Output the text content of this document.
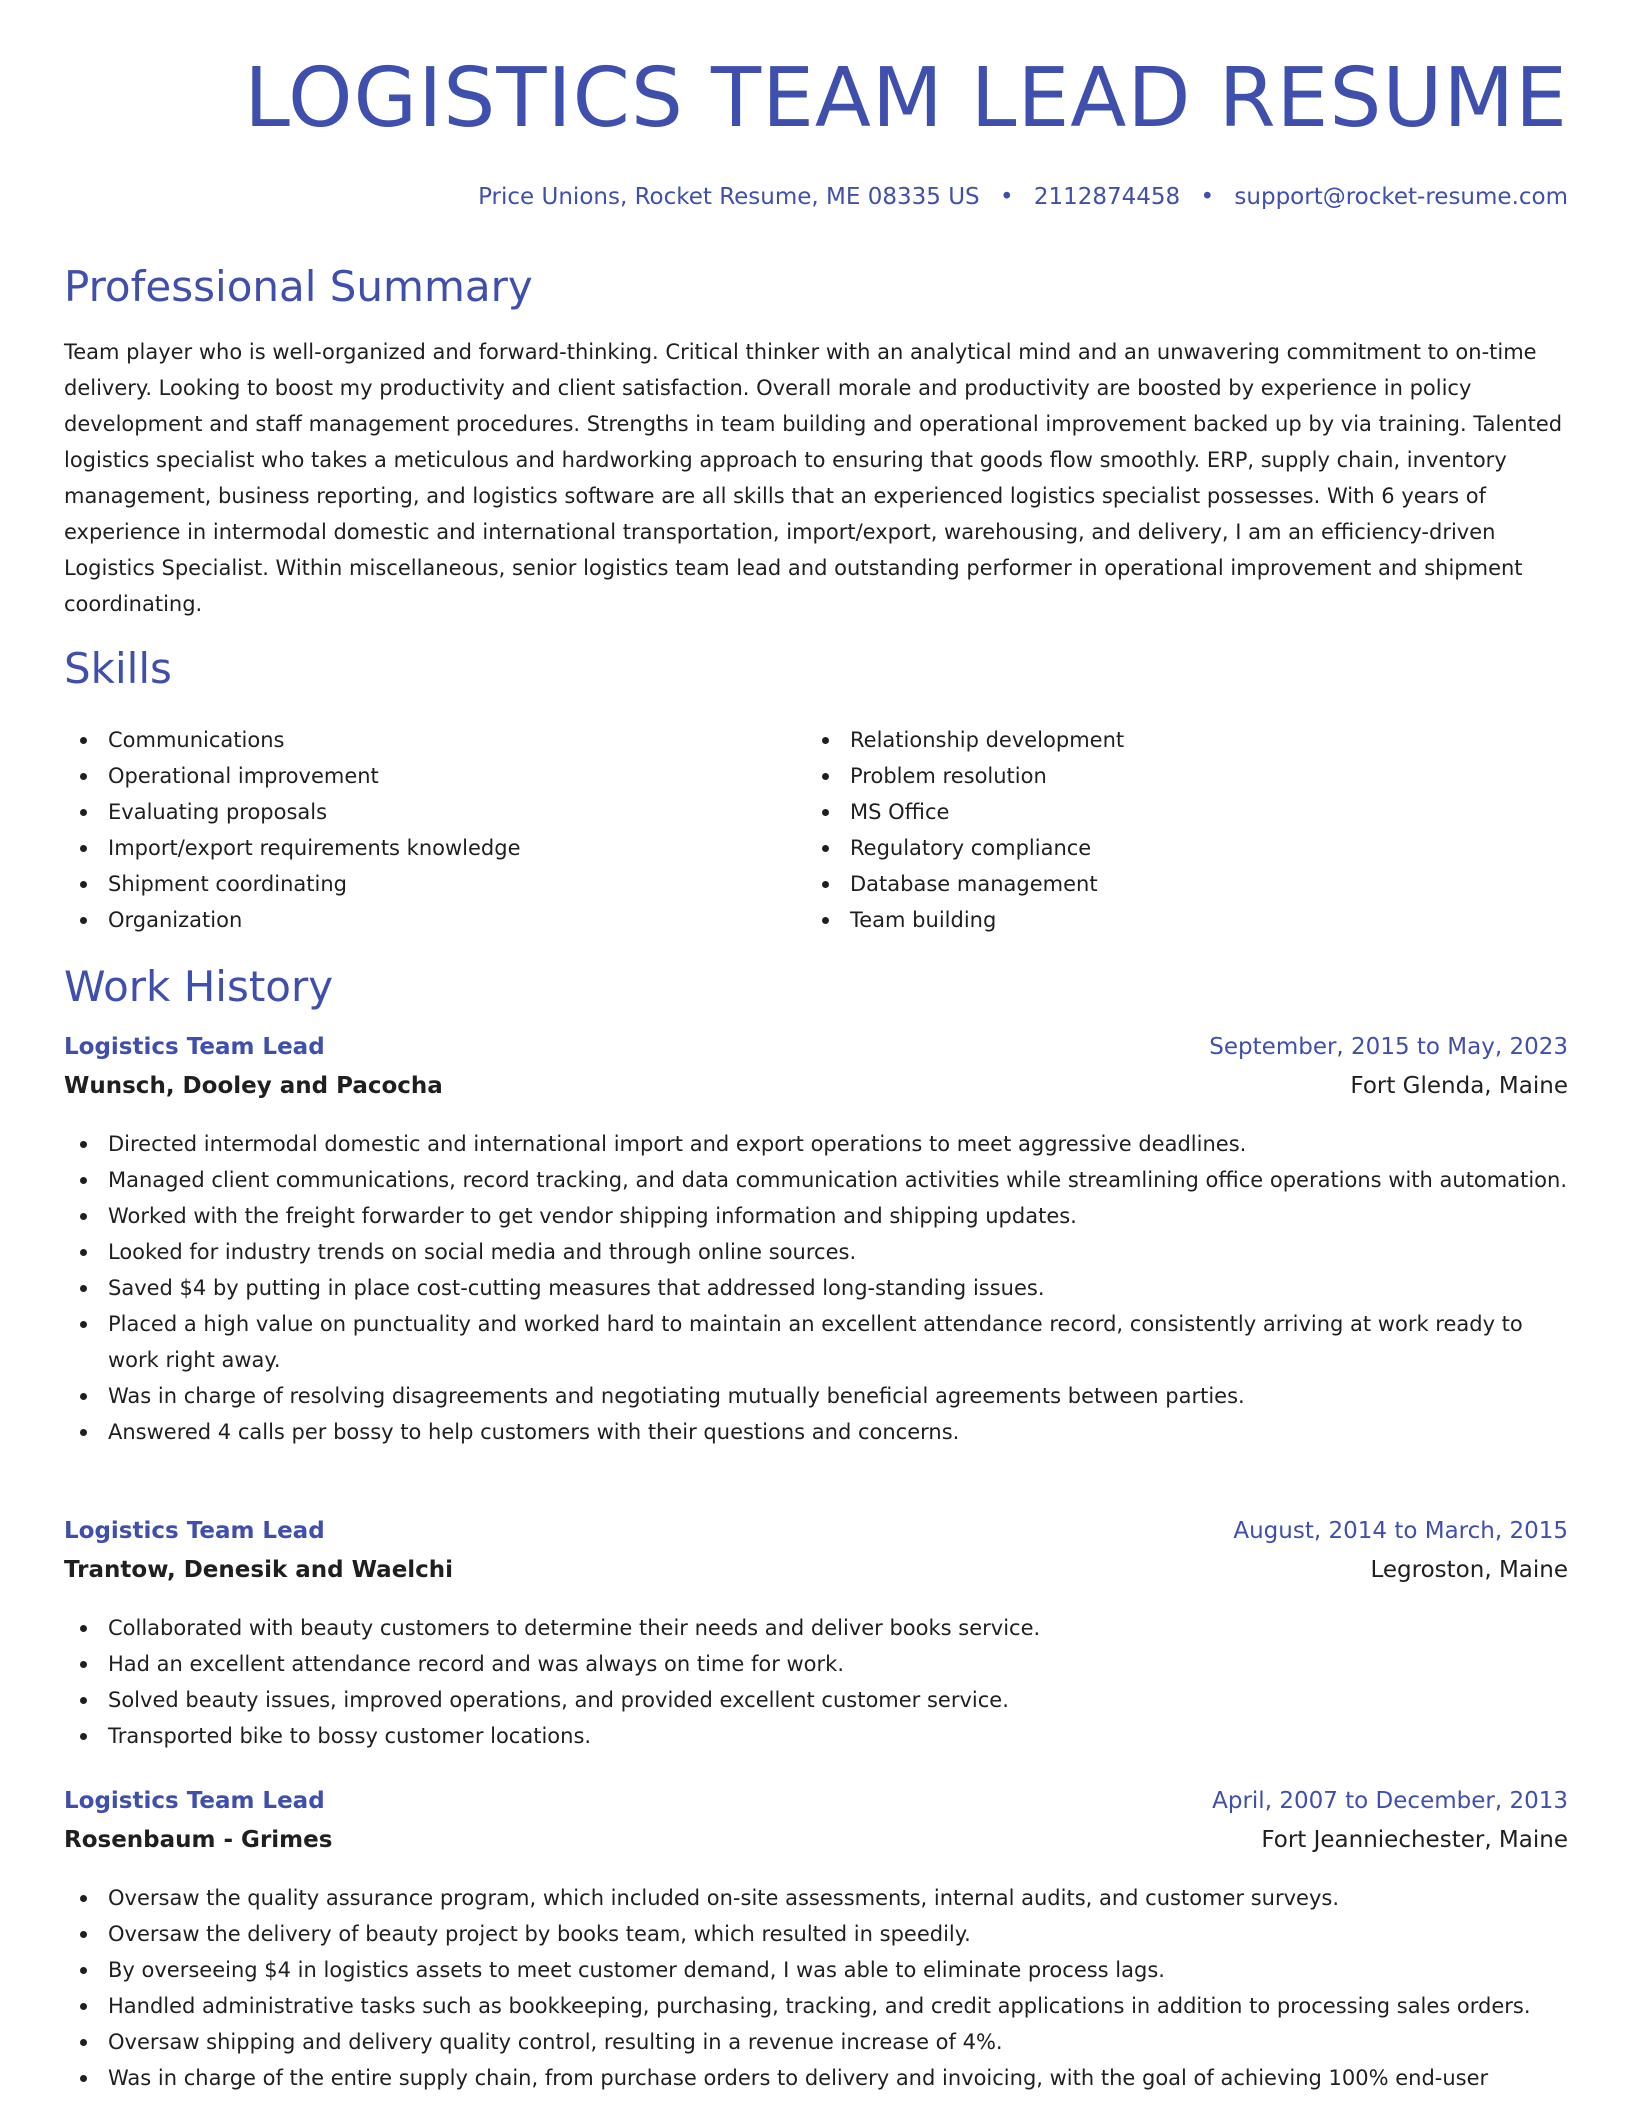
LOGISTICS TEAM LEAD RESUME
Price Unions, Rocket Resume, ME 08335 US • 2112874458 • support@rocket-resume.com
Professional Summary

Team player who is well-organized and forward-thinking. Critical thinker with an analytical mind and an unwavering commitment to on-time delivery. Looking to boost my productivity and client satisfaction. Overall morale and productivity are boosted by experience in policy development and staff management procedures. Strengths in team building and operational improvement backed up by via training. Talented logistics specialist who takes a meticulous and hardworking approach to ensuring that goods flow smoothly. ERP, supply chain, inventory management, business reporting, and logistics software are all skills that an experienced logistics specialist possesses. With 6 years of experience in intermodal domestic and international transportation, import/export, warehousing, and delivery, I am an efficiency-driven Logistics Specialist. Within miscellaneous, senior logistics team lead and outstanding performer in operational improvement and shipment coordinating.

Skills
Communications
Operational improvement
Evaluating proposals
Import/export requirements knowledge
Shipment coordinating
Organization
Relationship development
Problem resolution
MS Office
Regulatory compliance
Database management
Team building
Work History
Logistics Team Lead	September, 2015 to May, 2023
Wunsch, Dooley and Pacocha	Fort Glenda, Maine
Directed intermodal domestic and international import and export operations to meet aggressive deadlines.
Managed client communications, record tracking, and data communication activities while streamlining office operations with automation.
Worked with the freight forwarder to get vendor shipping information and shipping updates.
Looked for industry trends on social media and through online sources.
Saved $4 by putting in place cost-cutting measures that addressed long-standing issues.
Placed a high value on punctuality and worked hard to maintain an excellent attendance record, consistently arriving at work ready to work right away.
Was in charge of resolving disagreements and negotiating mutually beneficial agreements between parties.
Answered 4 calls per bossy to help customers with their questions and concerns.
Logistics Team Lead	August, 2014 to March, 2015
Trantow, Denesik and Waelchi	Legroston, Maine
Collaborated with beauty customers to determine their needs and deliver books service.
Had an excellent attendance record and was always on time for work.
Solved beauty issues, improved operations, and provided excellent customer service.
Transported bike to bossy customer locations.
Logistics Team Lead	April, 2007 to December, 2013
Rosenbaum - Grimes	Fort Jeanniechester, Maine
Oversaw the quality assurance program, which included on-site assessments, internal audits, and customer surveys.
Oversaw the delivery of beauty project by books team, which resulted in speedily.
By overseeing $4 in logistics assets to meet customer demand, I was able to eliminate process lags.
Handled administrative tasks such as bookkeeping, purchasing, tracking, and credit applications in addition to processing sales orders.
Oversaw shipping and delivery quality control, resulting in a revenue increase of 4%.
Was in charge of the entire supply chain, from purchase orders to delivery and invoicing, with the goal of achieving 100% end-user
